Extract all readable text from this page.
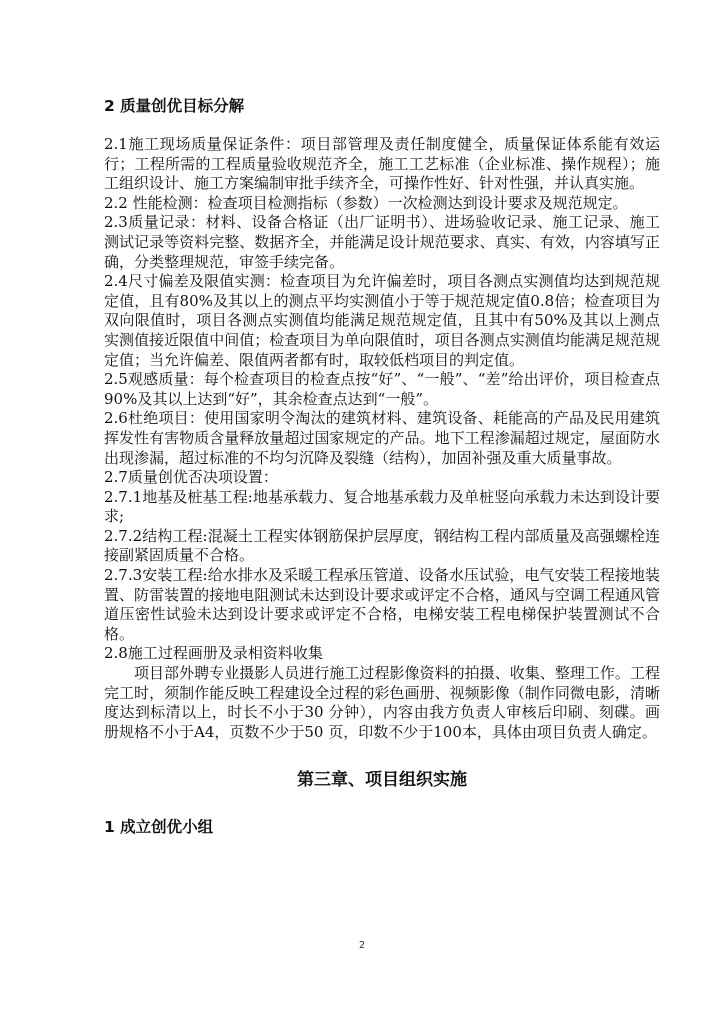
2 质量创优目标分解

2.1施工现场质量保证条件：项目部管理及责任制度健全，质量保证体系能有效运行；工程所需的工程质量验收规范齐全，施工工艺标准（企业标准、操作规程）；施工组织设计、施工方案编制审批手续齐全，可操作性好、针对性强，并认真实施。

2.2 性能检测：检查项目检测指标（参数）一次检测达到设计要求及规范规定。

2.3质量记录：材料、设备合格证（出厂证明书）、进场验收记录、施工记录、施工测试记录等资料完整、数据齐全，并能满足设计规范要求、真实、有效，内容填写正确，分类整理规范，审签手续完备。

2.4尺寸偏差及限值实测：检查项目为允许偏差时，项目各测点实测值均达到规范规定值，且有80%及其以上的测点平均实测值小于等于规范规定值0.8倍；检查项目为双向限值时，项目各测点实测值均能满足规范规定值，且其中有50%及其以上测点实测值接近限值中间值；检查项目为单向限值时，项目各测点实测值均能满足规范规定值；当允许偏差、限值两者都有时，取较低档项目的判定值。

2.5观感质量：每个检查项目的检查点按“好”、“一般”、“差”给出评价，项目检查点90%及其以上达到“好”，其余检查点达到“一般”。

2.6杜绝项目：使用国家明令淘汰的建筑材料、建筑设备、耗能高的产品及民用建筑挥发性有害物质含量释放量超过国家规定的产品。地下工程渗漏超过规定，屋面防水出现渗漏，超过标准的不均匀沉降及裂缝（结构），加固补强及重大质量事故。

2.7质量创优否决项设置：

2.7.1地基及桩基工程:地基承载力、复合地基承载力及单桩竖向承载力未达到设计要求;

2.7.2结构工程:混凝土工程实体钢筋保护层厚度，钢结构工程内部质量及高强螺栓连接副紧固质量不合格。

2.7.3安装工程:给水排水及采暖工程承压管道、设备水压试验，电气安装工程接地装置、防雷装置的接地电阻测试未达到设计要求或评定不合格，通风与空调工程通风管道压密性试验未达到设计要求或评定不合格，电梯安装工程电梯保护装置测试不合格。

2.8施工过程画册及录相资料收集

项目部外聘专业摄影人员进行施工过程影像资料的拍摄、收集、整理工作。工程完工时，须制作能反映工程建设全过程的彩色画册、视频影像（制作同微电影，清晰度达到标清以上，时长不小于30 分钟），内容由我方负责人审核后印刷、刻碟。画册规格不小于A4，页数不少于50 页，印数不少于100本，具体由项目负责人确定。

第三章、项目组织实施
1 成立创优小组
2
